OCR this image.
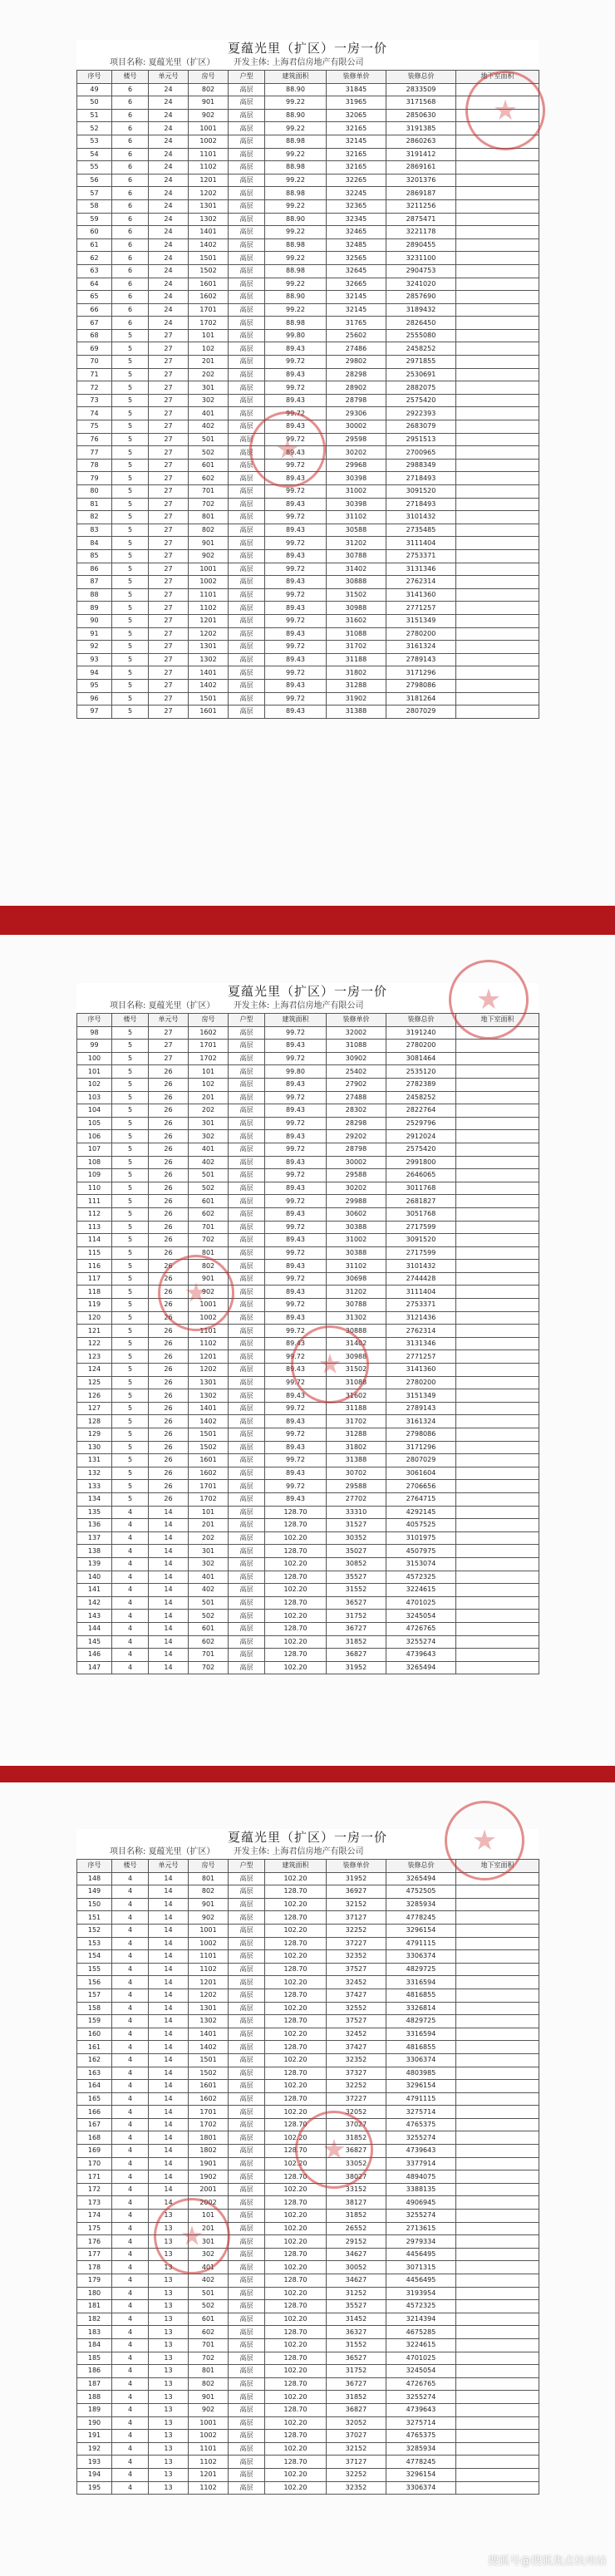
夏蕴光里（扩区）一房一价
项目名称: 夏蕴光里（扩区） 开发主体: 上海君信房地产有限公司
序号	楼号	单元号	房号	户型	建筑面积	装修单价	装修总价	地下室面积
49	6	24	802	高层	88.90	31845	2833509	
50	6	24	901	高层	99.22	31965	3171568	
51	6	24	902	高层	88.90	32065	2850630	
52	6	24	1001	高层	99.22	32165	3191385	
53	6	24	1002	高层	88.98	32145	2860263	
54	6	24	1101	高层	99.22	32165	3191412	
55	6	24	1102	高层	88.98	32165	2869161	
56	6	24	1201	高层	99.22	32265	3201376	
57	6	24	1202	高层	88.98	32245	2869187	
58	6	24	1301	高层	99.22	32365	3211256	
59	6	24	1302	高层	88.90	32345	2875471	
60	6	24	1401	高层	99.22	32465	3221178	
61	6	24	1402	高层	88.98	32485	2890455	
62	6	24	1501	高层	99.22	32565	3231100	
63	6	24	1502	高层	88.98	32645	2904753	
64	6	24	1601	高层	99.22	32665	3241020	
65	6	24	1602	高层	88.90	32145	2857690	
66	6	24	1701	高层	99.22	32145	3189432	
67	6	24	1702	高层	88.98	31765	2826450	
68	5	27	101	高层	99.80	25602	2555080	
69	5	27	102	高层	89.43	27486	2458252	
70	5	27	201	高层	99.72	29802	2971855	
71	5	27	202	高层	89.43	28298	2530691	
72	5	27	301	高层	99.72	28902	2882075	
73	5	27	302	高层	89.43	28798	2575420	
74	5	27	401	高层	99.72	29306	2922393	
75	5	27	402	高层	89.43	30002	2683079	
76	5	27	501	高层	99.72	29598	2951513	
77	5	27	502	高层	89.43	30202	2700965	
78	5	27	601	高层	99.72	29968	2988349	
79	5	27	602	高层	89.43	30398	2718493	
80	5	27	701	高层	99.72	31002	3091520	
81	5	27	702	高层	89.43	30398	2718493	
82	5	27	801	高层	99.72	31102	3101432	
83	5	27	802	高层	89.43	30588	2735485	
84	5	27	901	高层	99.72	31202	3111404	
85	5	27	902	高层	89.43	30788	2753371	
86	5	27	1001	高层	99.72	31402	3131346	
87	5	27	1002	高层	89.43	30888	2762314	
88	5	27	1101	高层	99.72	31502	3141360	
89	5	27	1102	高层	89.43	30988	2771257	
90	5	27	1201	高层	99.72	31602	3151349	
91	5	27	1202	高层	89.43	31088	2780200	
92	5	27	1301	高层	99.72	31702	3161324	
93	5	27	1302	高层	89.43	31188	2789143	
94	5	27	1401	高层	99.72	31802	3171296	
95	5	27	1402	高层	89.43	31288	2798086	
96	5	27	1501	高层	99.72	31902	3181264	
97	5	27	1601	高层	89.43	31388	2807029	
夏蕴光里（扩区）一房一价
项目名称: 夏蕴光里（扩区） 开发主体: 上海君信房地产有限公司
序号	楼号	单元号	房号	户型	建筑面积	装修单价	装修总价	地下室面积
98	5	27	1602	高层	99.72	32002	3191240	
99	5	27	1701	高层	89.43	31088	2780200	
100	5	27	1702	高层	99.72	30902	3081464	
101	5	26	101	高层	99.80	25402	2535120	
102	5	26	102	高层	89.43	27902	2782389	
103	5	26	201	高层	99.72	27488	2458252	
104	5	26	202	高层	89.43	28302	2822764	
105	5	26	301	高层	99.72	28298	2529796	
106	5	26	302	高层	89.43	29202	2912024	
107	5	26	401	高层	99.72	28798	2575420	
108	5	26	402	高层	89.43	30002	2991800	
109	5	26	501	高层	99.72	29588	2646065	
110	5	26	502	高层	89.43	30202	3011768	
111	5	26	601	高层	99.72	29988	2681827	
112	5	26	602	高层	89.43	30602	3051768	
113	5	26	701	高层	99.72	30388	2717599	
114	5	26	702	高层	89.43	31002	3091520	
115	5	26	801	高层	99.72	30388	2717599	
116	5	26	802	高层	89.43	31102	3101432	
117	5	26	901	高层	99.72	30698	2744428	
118	5	26	902	高层	89.43	31202	3111404	
119	5	26	1001	高层	99.72	30788	2753371	
120	5	26	1002	高层	89.43	31302	3121436	
121	5	26	1101	高层	99.72	30888	2762314	
122	5	26	1102	高层	89.43	31402	3131346	
123	5	26	1201	高层	99.72	30988	2771257	
124	5	26	1202	高层	89.43	31502	3141360	
125	5	26	1301	高层	99.72	31088	2780200	
126	5	26	1302	高层	89.43	31602	3151349	
127	5	26	1401	高层	99.72	31188	2789143	
128	5	26	1402	高层	89.43	31702	3161324	
129	5	26	1501	高层	99.72	31288	2798086	
130	5	26	1502	高层	89.43	31802	3171296	
131	5	26	1601	高层	99.72	31388	2807029	
132	5	26	1602	高层	89.43	30702	3061604	
133	5	26	1701	高层	99.72	29588	2706656	
134	5	26	1702	高层	89.43	27702	2764715	
135	4	14	101	高层	128.70	33310	4292145	
136	4	14	201	高层	128.70	31527	4057525	
137	4	14	202	高层	102.20	30352	3101975	
138	4	14	301	高层	128.70	35027	4507975	
139	4	14	302	高层	102.20	30852	3153074	
140	4	14	401	高层	128.70	35527	4572325	
141	4	14	402	高层	102.20	31552	3224615	
142	4	14	501	高层	128.70	36527	4701025	
143	4	14	502	高层	102.20	31752	3245054	
144	4	14	601	高层	128.70	36727	4726765	
145	4	14	602	高层	102.20	31852	3255274	
146	4	14	701	高层	128.70	36827	4739643	
147	4	14	702	高层	102.20	31952	3265494	
夏蕴光里（扩区）一房一价
项目名称: 夏蕴光里（扩区） 开发主体: 上海君信房地产有限公司
序号	楼号	单元号	房号	户型	建筑面积	装修单价	装修总价	地下室面积
148	4	14	801	高层	102.20	31952	3265494	
149	4	14	802	高层	128.70	36927	4752505	
150	4	14	901	高层	102.20	32152	3285934	
151	4	14	902	高层	128.70	37127	4778245	
152	4	14	1001	高层	102.20	32252	3296154	
153	4	14	1002	高层	128.70	37227	4791115	
154	4	14	1101	高层	102.20	32352	3306374	
155	4	14	1102	高层	128.70	37527	4829725	
156	4	14	1201	高层	102.20	32452	3316594	
157	4	14	1202	高层	128.70	37427	4816855	
158	4	14	1301	高层	102.20	32552	3326814	
159	4	14	1302	高层	128.70	37527	4829725	
160	4	14	1401	高层	102.20	32452	3316594	
161	4	14	1402	高层	128.70	37427	4816855	
162	4	14	1501	高层	102.20	32352	3306374	
163	4	14	1502	高层	128.70	37327	4803985	
164	4	14	1601	高层	102.20	32252	3296154	
165	4	14	1602	高层	128.70	37227	4791115	
166	4	14	1701	高层	102.20	32052	3275714	
167	4	14	1702	高层	128.70	37027	4765375	
168	4	14	1801	高层	102.20	31852	3255274	
169	4	14	1802	高层	128.70	36827	4739643	
170	4	14	1901	高层	102.20	33052	3377914	
171	4	14	1902	高层	128.70	38027	4894075	
172	4	14	2001	高层	102.20	33152	3388135	
173	4	14	2002	高层	128.70	38127	4906945	
174	4	13	101	高层	102.20	31852	3255274	
175	4	13	201	高层	102.20	26552	2713615	
176	4	13	301	高层	102.20	29152	2979334	
177	4	13	302	高层	128.70	34627	4456495	
178	4	13	401	高层	102.20	30052	3071315	
179	4	13	402	高层	128.70	34627	4456495	
180	4	13	501	高层	102.20	31252	3193954	
181	4	13	502	高层	128.70	35527	4572325	
182	4	13	601	高层	102.20	31452	3214394	
183	4	13	602	高层	128.70	36327	4675285	
184	4	13	701	高层	102.20	31552	3224615	
185	4	13	702	高层	128.70	36527	4701025	
186	4	13	801	高层	102.20	31752	3245054	
187	4	13	802	高层	128.70	36727	4726765	
188	4	13	901	高层	102.20	31852	3255274	
189	4	13	902	高层	128.70	36827	4739643	
190	4	13	1001	高层	102.20	32052	3275714	
191	4	13	1002	高层	128.70	37027	4765375	
192	4	13	1101	高层	102.20	32152	3285934	
193	4	13	1102	高层	128.70	37127	4778245	
194	4	13	1201	高层	102.20	32252	3296154	
195	4	13	1102	高层	102.20	32352	3306374	
搜狐号@搜狐焦点杭州站
